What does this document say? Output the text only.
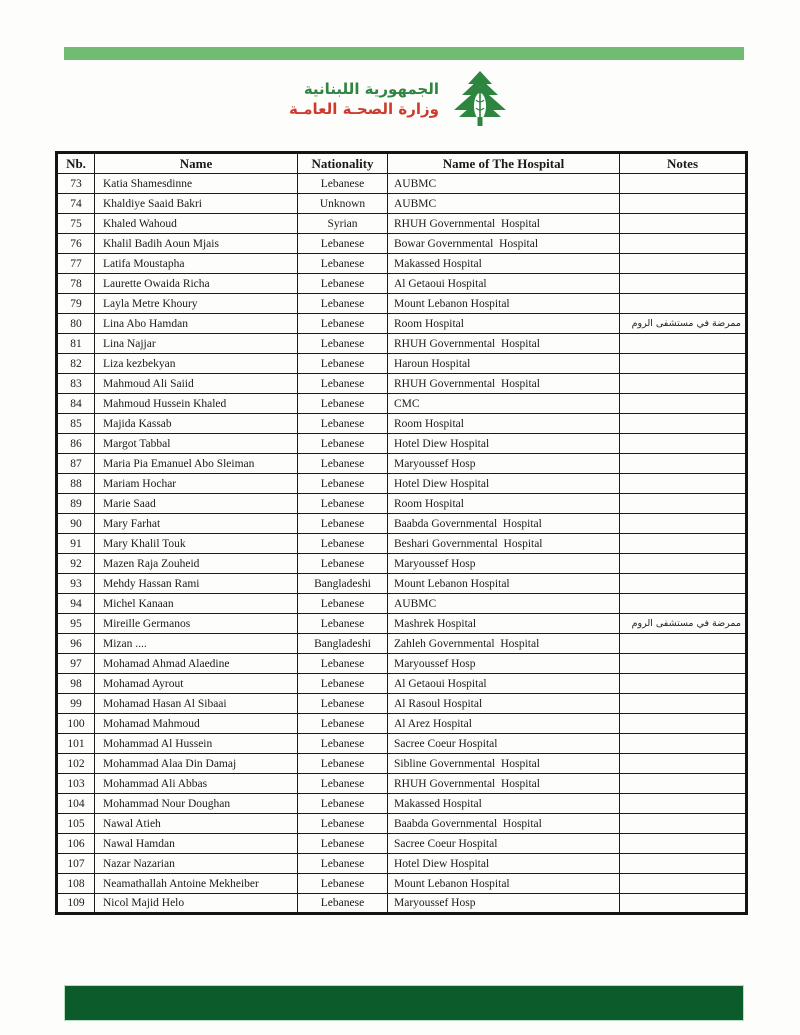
الجمهورية اللبنانية
وزارة الصحـة العامـة
Nb.	Name	Nationality	Name of The Hospital	Notes
73	Katia Shamesdinne	Lebanese	AUBMC	
74	Khaldiye Saaid Bakri	Unknown	AUBMC	
75	Khaled Wahoud	Syrian	RHUH Governmental  Hospital	
76	Khalil Badih Aoun Mjais	Lebanese	Bowar Governmental  Hospital	
77	Latifa Moustapha	Lebanese	Makassed Hospital	
78	Laurette Owaida Richa	Lebanese	Al Getaoui Hospital	
79	Layla Metre Khoury	Lebanese	Mount Lebanon Hospital	
80	Lina Abo Hamdan	Lebanese	Room Hospital	ممرضة في مستشفى الروم
81	Lina Najjar	Lebanese	RHUH Governmental  Hospital	
82	Liza kezbekyan	Lebanese	Haroun Hospital	
83	Mahmoud Ali Saiid	Lebanese	RHUH Governmental  Hospital	
84	Mahmoud Hussein Khaled	Lebanese	CMC	
85	Majida Kassab	Lebanese	Room Hospital	
86	Margot Tabbal	Lebanese	Hotel Diew Hospital	
87	Maria Pia Emanuel Abo Sleiman	Lebanese	Maryoussef Hosp	
88	Mariam Hochar	Lebanese	Hotel Diew Hospital	
89	Marie Saad	Lebanese	Room Hospital	
90	Mary Farhat	Lebanese	Baabda Governmental  Hospital	
91	Mary Khalil Touk	Lebanese	Beshari Governmental  Hospital	
92	Mazen Raja Zouheid	Lebanese	Maryoussef Hosp	
93	Mehdy Hassan Rami	Bangladeshi	Mount Lebanon Hospital	
94	Michel Kanaan	Lebanese	AUBMC	
95	Mireille Germanos	Lebanese	Mashrek Hospital	ممرضة في مستشفى الروم
96	Mizan ....	Bangladeshi	Zahleh Governmental  Hospital	
97	Mohamad Ahmad Alaedine	Lebanese	Maryoussef Hosp	
98	Mohamad Ayrout	Lebanese	Al Getaoui Hospital	
99	Mohamad Hasan Al Sibaai	Lebanese	Al Rasoul Hospital	
100	Mohamad Mahmoud	Lebanese	Al Arez Hospital	
101	Mohammad Al Hussein	Lebanese	Sacree Coeur Hospital	
102	Mohammad Alaa Din Damaj	Lebanese	Sibline Governmental  Hospital	
103	Mohammad Ali Abbas	Lebanese	RHUH Governmental  Hospital	
104	Mohammad Nour Doughan	Lebanese	Makassed Hospital	
105	Nawal Atieh	Lebanese	Baabda Governmental  Hospital	
106	Nawal Hamdan	Lebanese	Sacree Coeur Hospital	
107	Nazar Nazarian	Lebanese	Hotel Diew Hospital	
108	Neamathallah Antoine Mekheiber	Lebanese	Mount Lebanon Hospital	
109	Nicol Majid Helo	Lebanese	Maryoussef Hosp	
